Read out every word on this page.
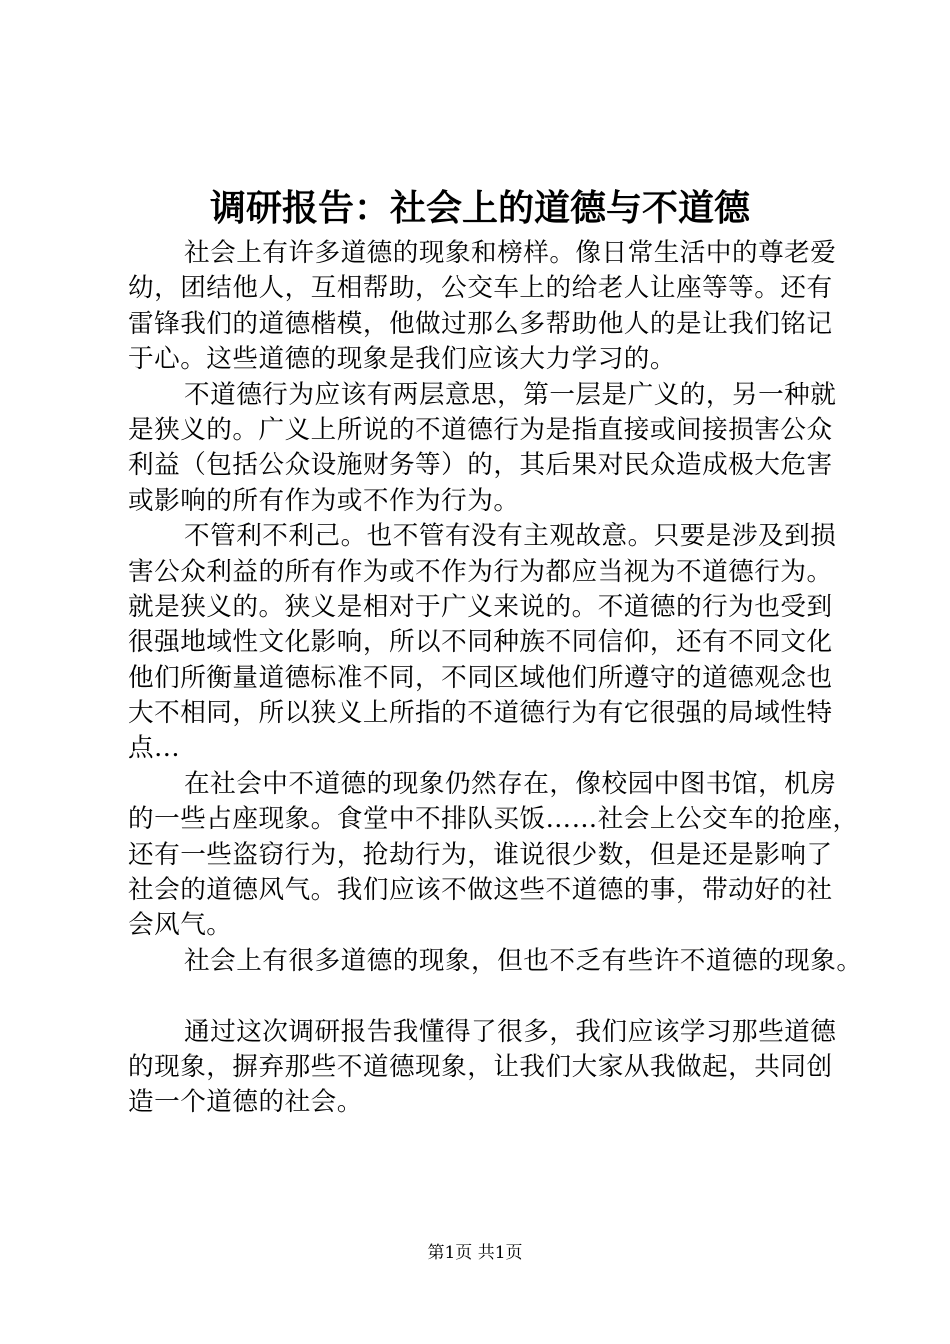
调研报告：社会上的道德与不道德
社会上有许多道德的现象和榜样。像日常生活中的尊老爱
幼，团结他人，互相帮助，公交车上的给老人让座等等。还有
雷锋我们的道德楷模，他做过那么多帮助他人的是让我们铭记
于心。这些道德的现象是我们应该大力学习的。
不道德行为应该有两层意思，第一层是广义的，另一种就
是狭义的。广义上所说的不道德行为是指直接或间接损害公众
利益（包括公众设施财务等）的，其后果对民众造成极大危害
或影响的所有作为或不作为行为。
不管利不利己。也不管有没有主观故意。只要是涉及到损
害公众利益的所有作为或不作为行为都应当视为不道德行为。
就是狭义的。狭义是相对于广义来说的。不道德的行为也受到
很强地域性文化影响，所以不同种族不同信仰，还有不同文化
他们所衡量道德标准不同，不同区域他们所遵守的道德观念也
大不相同，所以狭义上所指的不道德行为有它很强的局域性特
点...
在社会中不道德的现象仍然存在，像校园中图书馆，机房
的一些占座现象。食堂中不排队买饭……社会上公交车的抢座，
还有一些盗窃行为，抢劫行为，谁说很少数，但是还是影响了
社会的道德风气。我们应该不做这些不道德的事，带动好的社
会风气。
社会上有很多道德的现象，但也不乏有些许不道德的现象。
通过这次调研报告我懂得了很多，我们应该学习那些道德
的现象，摒弃那些不道德现象，让我们大家从我做起，共同创
造一个道德的社会。
第1页 共1页
